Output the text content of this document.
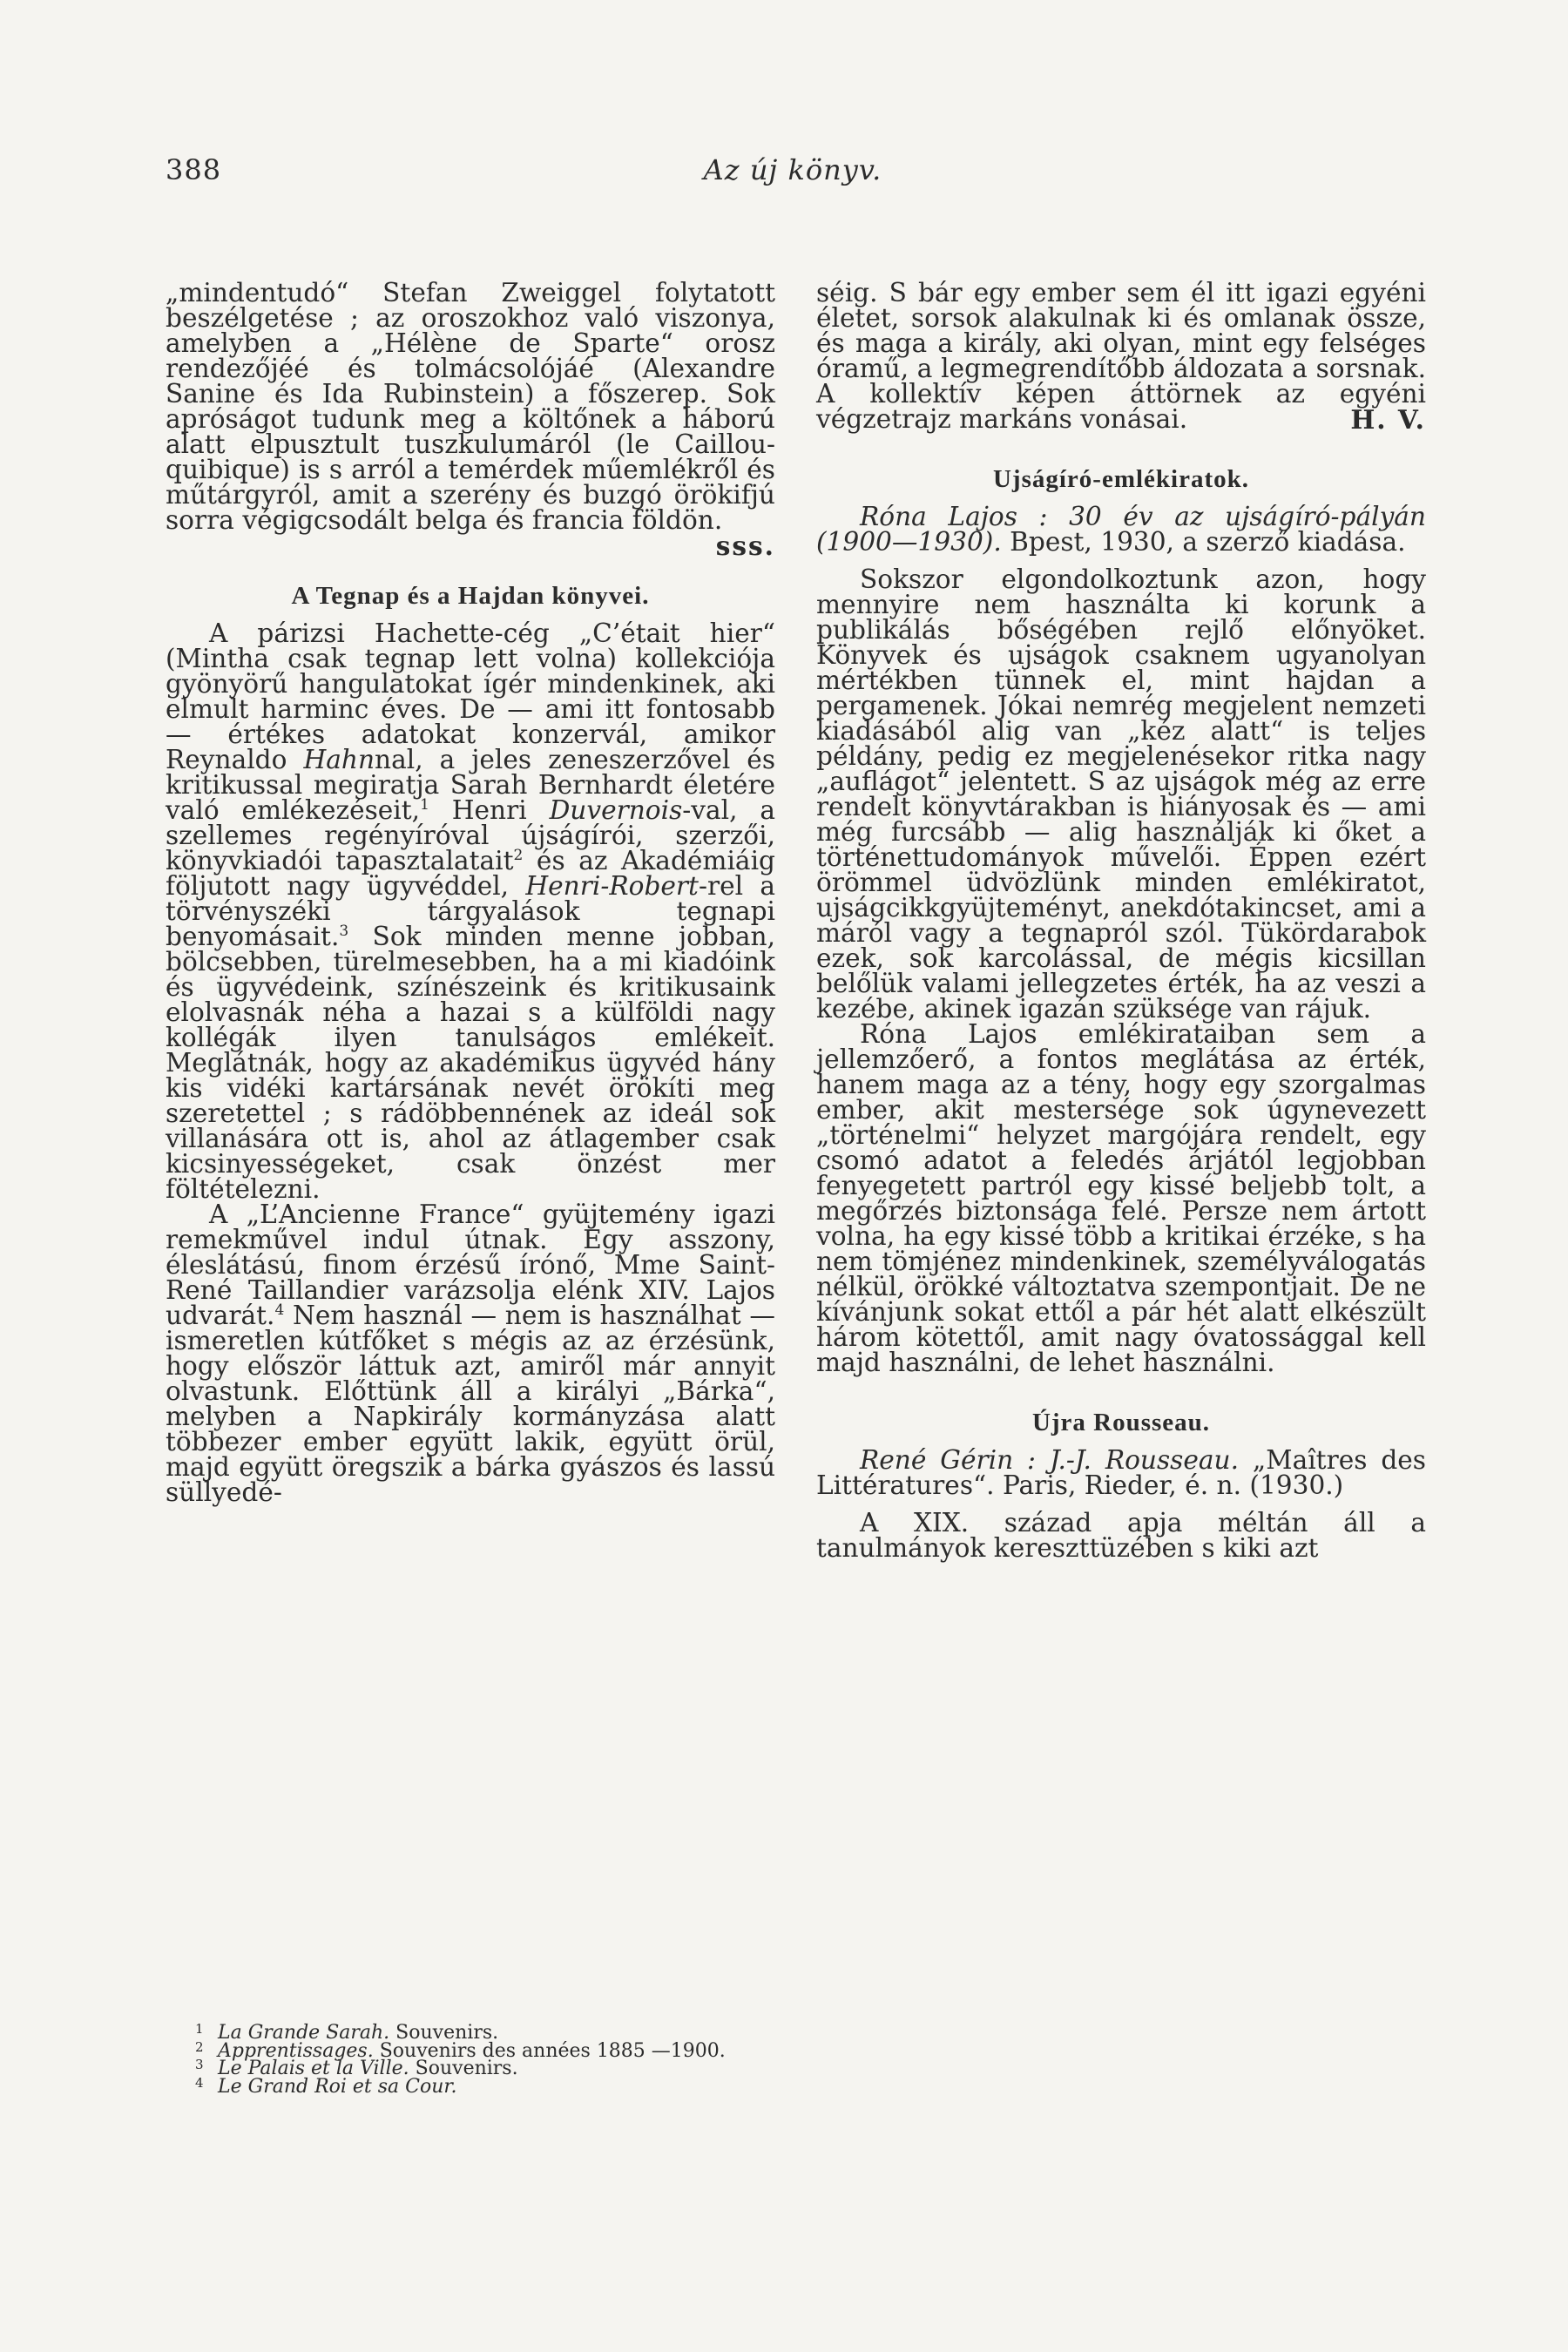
388	Az új könyv.

„mindentudó“ Stefan Zweiggel folytatott beszélgetése ; az oroszokhoz való viszonya, amelyben a „Hélène de Sparte“ orosz rendezőjéé és tolmácsolójáé (Alexandre Sanine és Ida Rubinstein) a főszerep. Sok apróságot tudunk meg a költőnek a háború alatt elpusztult tuszkulumáról (le Caillou-quibique) is s arról a temérdek műemlékről és műtárgyról, amit a szerény és buzgó örökifjú sorra végigcsodált belga és francia földön.
sss.

A Tegnap és a Hajdan könyvei.

A párizsi Hachette-cég „C’était hier“ (Mintha csak tegnap lett volna) kollekciója gyönyörű hangulatokat ígér mindenkinek, aki elmult harminc éves. De — ami itt fontosabb — értékes adatokat konzervál, amikor Reynaldo Hahnnal, a jeles zeneszerzővel és kritikussal megiratja Sarah Bernhardt életére való emlékezéseit,$^1$ Henri Duvernois-val, a szellemes regényíróval újságírói, szerzői, könyvkiadói tapasztalatait$^2$ és az Akadémiáig följutott nagy ügyvéddel, Henri-Robert-rel a törvényszéki tárgyalások tegnapi benyomásait.$^3$ Sok minden menne jobban, bölcsebben, türelmesebben, ha a mi kiadóink és ügyvédeink, színészeink és kritikusaink elolvasnák néha a hazai s a külföldi nagy kollégák ilyen tanulságos emlékeit. Meglátnák, hogy az akadémikus ügyvéd hány kis vidéki kartársának nevét örökíti meg szeretettel ; s rádöbbennének az ideál sok villanására ott is, ahol az átlagember csak kicsinyességeket, csak önzést mer föltételezni.

A „L’Ancienne France“ gyüjtemény igazi remekművel indul útnak. Egy asszony, éleslátású, finom érzésű írónő, Mme Saint-René Taillandier varázsolja elénk XIV. Lajos udvarát.$^4$ Nem használ — nem is használhat — ismeretlen kútfőket s mégis az az érzésünk, hogy először láttuk azt, amiről már annyit olvastunk. Előttünk áll a királyi „Bárka“, melyben a Napkirály kormányzása alatt többezer ember együtt lakik, együtt örül, majd együtt öregszik a bárka gyászos és lassú süllyedé-

1 La Grande Sarah. Souvenirs.
2 Apprentissages. Souvenirs des années 1885 —1900.
3 Le Palais et la Ville. Souvenirs.
4 Le Grand Roi et sa Cour.

séig. S bár egy ember sem él itt igazi egyéni életet, sorsok alakulnak ki és omlanak össze, és maga a király, aki olyan, mint egy felséges óramű, a legmegrendítőbb áldozata a sorsnak. A kollektív képen áttörnek az egyéni végzetrajz markáns vonásai.	H. V.

Ujságíró-emlékiratok.

Róna Lajos : 30 év az ujságíró-pályán (1900—1930). Bpest, 1930, a szerző kiadása.

Sokszor elgondolkoztunk azon, hogy mennyire nem használta ki korunk a publikálás bőségében rejlő előnyöket. Könyvek és ujságok csaknem ugyanolyan mértékben tünnek el, mint hajdan a pergamenek. Jókai nemrég megjelent nemzeti kiadásából alig van „kéz alatt“ is teljes példány, pedig ez megjelenésekor ritka nagy „auflágot“ jelentett. S az ujságok még az erre rendelt könyvtárakban is hiányosak és — ami még furcsább — alig használják ki őket a történettudományok művelői. Éppen ezért örömmel üdvözlünk minden emlékiratot, ujságcikkgyüjteményt, anekdótakincset, ami a máról vagy a tegnapról szól. Tükördarabok ezek, sok karcolással, de mégis kicsillan belőlük valami jellegzetes érték, ha az veszi a kezébe, akinek igazán szüksége van rájuk.

Róna Lajos emlékirataiban sem a jellemzőerő, a fontos meglátása az érték, hanem maga az a tény, hogy egy szorgalmas ember, akit mestersége sok úgynevezett „történelmi“ helyzet margójára rendelt, egy csomó adatot a feledés árjától legjobban fenyegetett partról egy kissé beljebb tolt, a megőrzés biztonsága felé. Persze nem ártott volna, ha egy kissé több a kritikai érzéke, s ha nem tömjénez mindenkinek, személyválogatás nélkül, örökké változtatva szempontjait. De ne kívánjunk sokat ettől a pár hét alatt elkészült három kötettől, amit nagy óvatossággal kell majd használni, de lehet használni.

Újra Rousseau.

René Gérin : J.-J. Rousseau. „Maîtres des Littératures“. Paris, Rieder, é. n. (1930.)

A XIX. század apja méltán áll a tanulmányok kereszttüzében s kiki azt
